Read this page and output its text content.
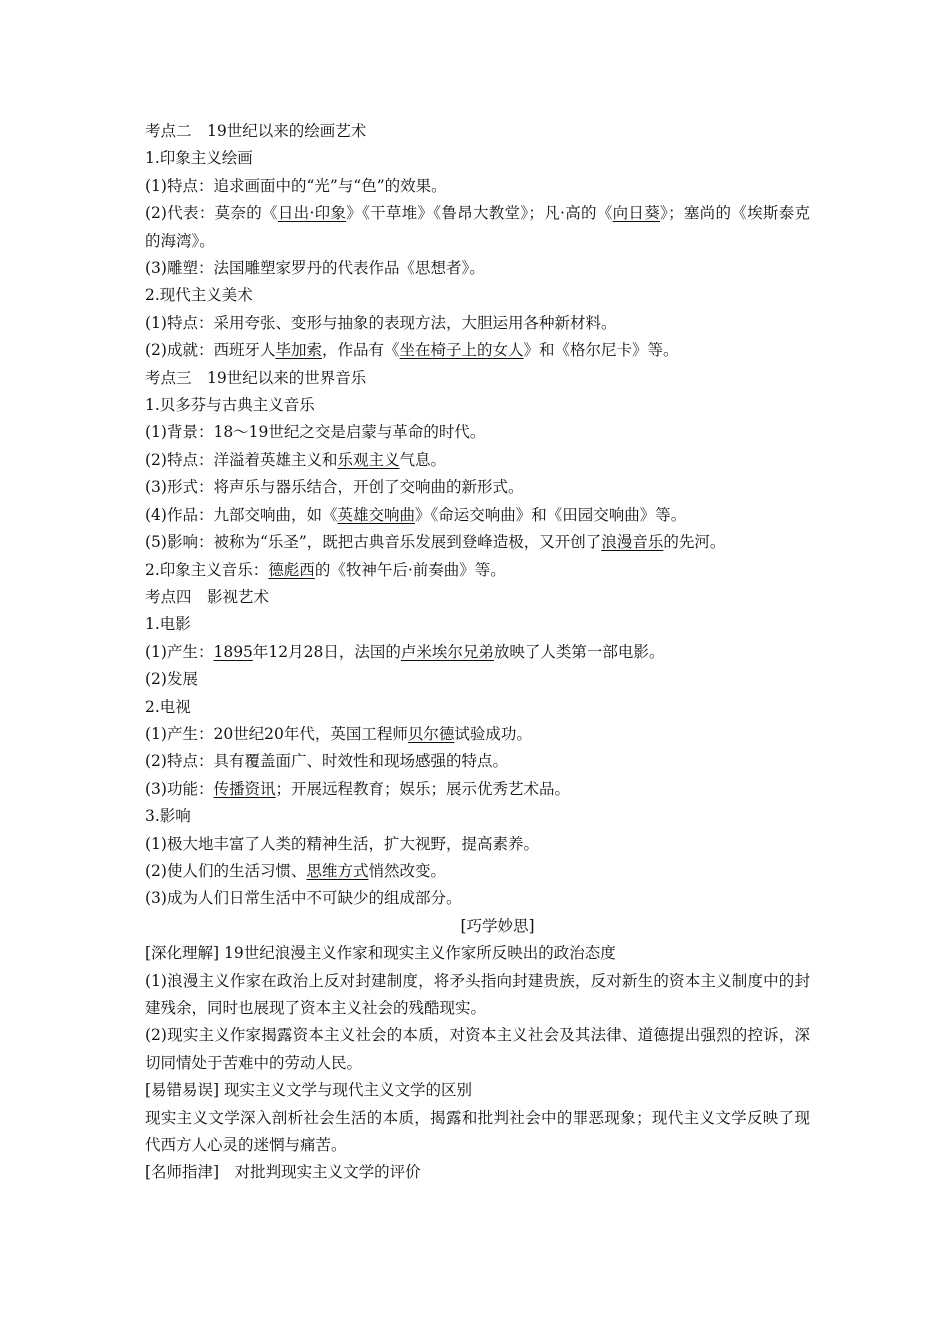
考点二　19世纪以来的绘画艺术
1.印象主义绘画
(1)特点：追求画面中的“光”与“色”的效果。
(2)代表：莫奈的《日出·印象》《干草堆》《鲁昂大教堂》；凡·高的《向日葵》；塞尚的《埃斯泰克的海湾》。
(3)雕塑：法国雕塑家罗丹的代表作品《思想者》。
2.现代主义美术
(1)特点：采用夸张、变形与抽象的表现方法，大胆运用各种新材料。
(2)成就：西班牙人毕加索，作品有《坐在椅子上的女人》和《格尔尼卡》等。
考点三　19世纪以来的世界音乐
1.贝多芬与古典主义音乐
(1)背景：18～19世纪之交是启蒙与革命的时代。
(2)特点：洋溢着英雄主义和乐观主义气息。
(3)形式：将声乐与器乐结合，开创了交响曲的新形式。
(4)作品：九部交响曲，如《英雄交响曲》《命运交响曲》和《田园交响曲》等。
(5)影响：被称为“乐圣”，既把古典音乐发展到登峰造极，又开创了浪漫音乐的先河。
2.印象主义音乐：德彪西的《牧神午后·前奏曲》等。
考点四　影视艺术
1.电影
(1)产生：1895年12月28日，法国的卢米埃尔兄弟放映了人类第一部电影。
(2)发展
2.电视
(1)产生：20世纪20年代，英国工程师贝尔德试验成功。
(2)特点：具有覆盖面广、时效性和现场感强的特点。
(3)功能：传播资讯；开展远程教育；娱乐；展示优秀艺术品。
3.影响
(1)极大地丰富了人类的精神生活，扩大视野，提高素养。
(2)使人们的生活习惯、思维方式悄然改变。
(3)成为人们日常生活中不可缺少的组成部分。
[巧学妙思]
[深化理解] 19世纪浪漫主义作家和现实主义作家所反映出的政治态度
(1)浪漫主义作家在政治上反对封建制度，将矛头指向封建贵族，反对新生的资本主义制度中的封建残余，同时也展现了资本主义社会的残酷现实。
(2)现实主义作家揭露资本主义社会的本质，对资本主义社会及其法律、道德提出强烈的控诉，深切同情处于苦难中的劳动人民。
[易错易误] 现实主义文学与现代主义文学的区别
现实主义文学深入剖析社会生活的本质，揭露和批判社会中的罪恶现象；现代主义文学反映了现代西方人心灵的迷惘与痛苦。
[名师指津]　对批判现实主义文学的评价
